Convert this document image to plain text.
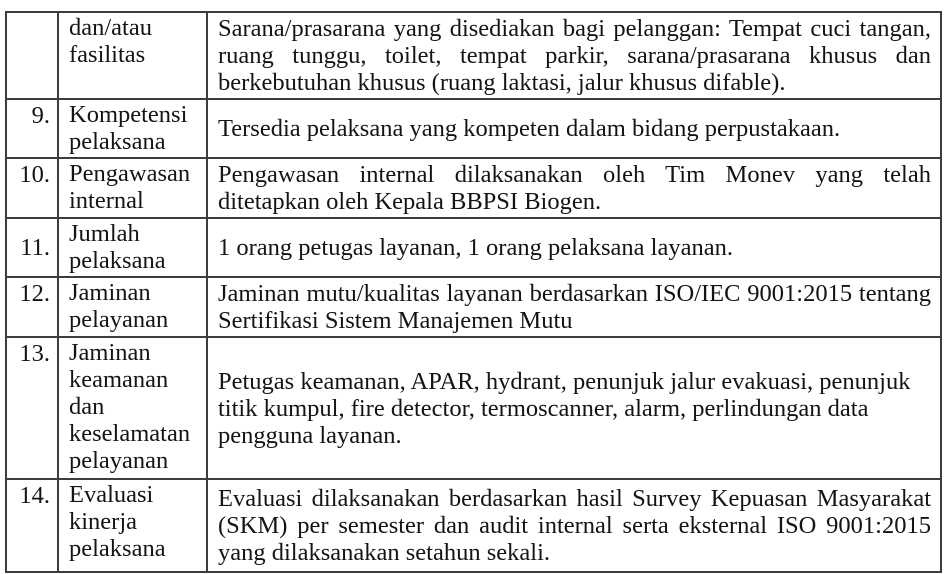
	dan/atau fasilitas	Sarana/prasarana yang disediakan bagi pelanggan: Tempat cuci tangan, ruang tunggu, toilet, tempat parkir, sarana/prasarana khusus dan berkebutuhan khusus (ruang laktasi, jalur khusus difable).
9.	Kompetensi pelaksana	Tersedia pelaksana yang kompeten dalam bidang perpustakaan.
10.	Pengawasan internal	Pengawasan internal dilaksanakan oleh Tim Monev yang telah ditetapkan oleh Kepala BBPSI Biogen.
11.	Jumlah pelaksana	1 orang petugas layanan, 1 orang pelaksana layanan.
12.	Jaminan pelayanan	Jaminan mutu/kualitas layanan berdasarkan ISO/IEC 9001:2015 tentang Sertifikasi Sistem Manajemen Mutu
13.	Jaminan keamanan dan keselamatan pelayanan	Petugas keamanan, APAR, hydrant, penunjuk jalur evakuasi, penunjuk titik kumpul, fire detector, termoscanner, alarm, perlindungan data pengguna layanan.
14.	Evaluasi kinerja pelaksana	Evaluasi dilaksanakan berdasarkan hasil Survey Kepuasan Masyarakat (SKM) per semester dan audit internal serta eksternal ISO 9001:2015 yang dilaksanakan setahun sekali.
